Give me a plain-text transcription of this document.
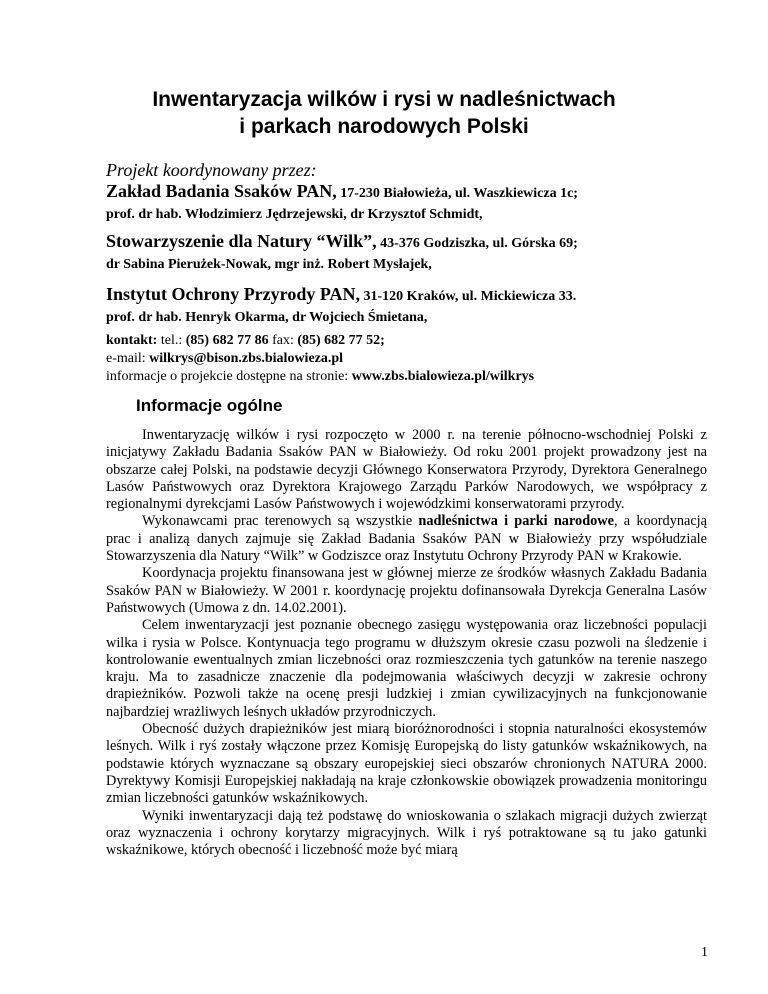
Inwentaryzacja wilków i rysi w nadleśnictwach
i parkach narodowych Polski
Projekt koordynowany przez:
Zakład Badania Ssaków PAN, 17-230 Białowieża, ul. Waszkiewicza 1c;
prof. dr hab. Włodzimierz Jędrzejewski, dr Krzysztof Schmidt,
Stowarzyszenie dla Natury “Wilk”, 43-376 Godziszka, ul. Górska 69;
dr Sabina Pierużek-Nowak, mgr inż. Robert Mysłajek,
Instytut Ochrony Przyrody PAN, 31-120 Kraków, ul. Mickiewicza 33.
prof. dr hab. Henryk Okarma, dr Wojciech Śmietana,
kontakt: tel.: (85) 682 77 86 fax: (85) 682 77 52;
e-mail: wilkrys@bison.zbs.bialowieza.pl
informacje o projekcie dostępne na stronie: www.zbs.bialowieza.pl/wilkrys
Informacje ogólne

Inwentaryzację wilków i rysi rozpoczęto w 2000 r. na terenie północno-wschodniej Polski z inicjatywy Zakładu Badania Ssaków PAN w Białowieży. Od roku 2001 projekt prowadzony jest na obszarze całej Polski, na podstawie decyzji Głównego Konserwatora Przyrody, Dyrektora Generalnego Lasów Państwowych oraz Dyrektora Krajowego Zarządu Parków Narodowych, we współpracy z regionalnymi dyrekcjami Lasów Państwowych i wojewódzkimi konserwatorami przyrody.

Wykonawcami prac terenowych są wszystkie nadleśnictwa i parki narodowe, a koordynacją prac i analizą danych zajmuje się Zakład Badania Ssaków PAN w Białowieży przy współudziale Stowarzyszenia dla Natury “Wilk” w Godziszce oraz Instytutu Ochrony Przyrody PAN w Krakowie.

Koordynacja projektu finansowana jest w głównej mierze ze środków własnych Zakładu Badania Ssaków PAN w Białowieży. W 2001 r. koordynację projektu dofinansowała Dyrekcja Generalna Lasów Państwowych (Umowa z dn. 14.02.2001).

Celem inwentaryzacji jest poznanie obecnego zasięgu występowania oraz liczebności populacji wilka i rysia w Polsce. Kontynuacja tego programu w dłuższym okresie czasu pozwoli na śledzenie i kontrolowanie ewentualnych zmian liczebności oraz rozmieszczenia tych gatunków na terenie naszego kraju. Ma to zasadnicze znaczenie dla podejmowania właściwych decyzji w zakresie ochrony drapieżników. Pozwoli także na ocenę presji ludzkiej i zmian cywilizacyjnych na funkcjonowanie najbardziej wrażliwych leśnych układów przyrodniczych.

Obecność dużych drapieżników jest miarą bioróżnorodności i stopnia naturalności ekosystemów leśnych. Wilk i ryś zostały włączone przez Komisję Europejską do listy gatunków wskaźnikowych, na podstawie których wyznaczane są obszary europejskiej sieci obszarów chronionych NATURA 2000. Dyrektywy Komisji Europejskiej nakładają na kraje członkowskie obowiązek prowadzenia monitoringu zmian liczebności gatunków wskaźnikowych.

Wyniki inwentaryzacji dają też podstawę do wnioskowania o szlakach migracji dużych zwierząt oraz wyznaczenia i ochrony korytarzy migracyjnych. Wilk i ryś potraktowane są tu jako gatunki wskaźnikowe, których obecność i liczebność może być miarą

1
